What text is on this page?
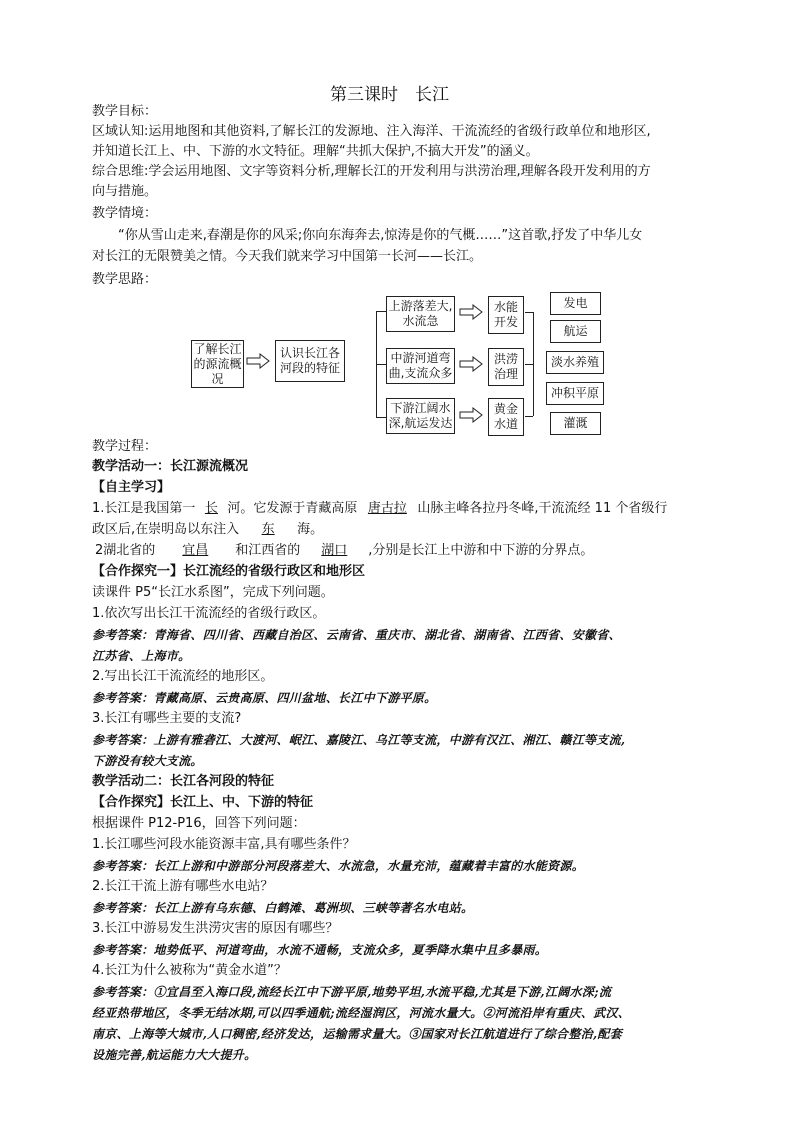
第三课时　长江
教学目标：
区域认知:运用地图和其他资料,了解长江的发源地、注入海洋、干流流经的省级行政单位和地形区,
并知道长江上、中、下游的水文特征。理解“共抓大保护,不搞大开发”的涵义。
综合思维:学会运用地图、文字等资料分析,理解长江的开发利用与洪涝治理,理解各段开发利用的方
向与措施。
教学情境：
“你从雪山走来,春潮是你的风采;你向东海奔去,惊涛是你的气概……”这首歌,抒发了中华儿女
对长江的无限赞美之情。今天我们就来学习中国第一长河——长江。
教学思路：
了解长江的源流概况
认识长江各河段的特征
上游落差大,水流急
中游河道弯曲,支流众多
下游江阔水深,航运发达
水能开发
洪涝治理
黄金水道
发电
航运
淡水养殖
冲积平原
灌溉
教学过程：
教学活动一：长江源流概况
【自主学习】
1.长江是我国第一 长 河。它发源于青藏高原 唐古拉 山脉主峰各拉丹冬峰,干流流经 11 个省级行
政区后,在崇明岛以东注入 东 海。
2湖北省的 宜昌 和江西省的 湖口 ,分别是长江上中游和中下游的分界点。
【合作探究一】长江流经的省级行政区和地形区
读课件 P5“长江水系图”，完成下列问题。
1.依次写出长江干流流经的省级行政区。
参考答案：青海省、四川省、西藏自治区、云南省、重庆市、湖北省、湖南省、江西省、安徽省、
江苏省、上海市。
2.写出长江干流流经的地形区。
参考答案：青藏高原、云贵高原、四川盆地、长江中下游平原。
3.长江有哪些主要的支流?
参考答案：上游有雅砻江、大渡河、岷江、嘉陵江、乌江等支流，中游有汉江、湘江、赣江等支流,
下游没有较大支流。
教学活动二：长江各河段的特征
【合作探究】长江上、中、下游的特征
根据课件 P12-P16，回答下列问题：
1.长江哪些河段水能资源丰富,具有哪些条件？
参考答案：长江上游和中游部分河段落差大、水流急，水量充沛，蕴藏着丰富的水能资源。
2.长江干流上游有哪些水电站？
参考答案：长江上游有乌东德、白鹤滩、葛洲坝、三峡等著名水电站。
3.长江中游易发生洪涝灾害的原因有哪些？
参考答案：地势低平、河道弯曲，水流不通畅，支流众多，夏季降水集中且多暴雨。
4.长江为什么被称为“黄金水道”？
参考答案：①宜昌至入海口段,流经长江中下游平原,地势平坦,水流平稳,尤其是下游,江阔水深;流
经亚热带地区，冬季无结冰期,可以四季通航;流经湿润区，河流水量大。②河流沿岸有重庆、武汉、
南京、上海等大城市,人口稠密,经济发达，运输需求量大。③国家对长江航道进行了综合整治,配套
设施完善,航运能力大大提升。
